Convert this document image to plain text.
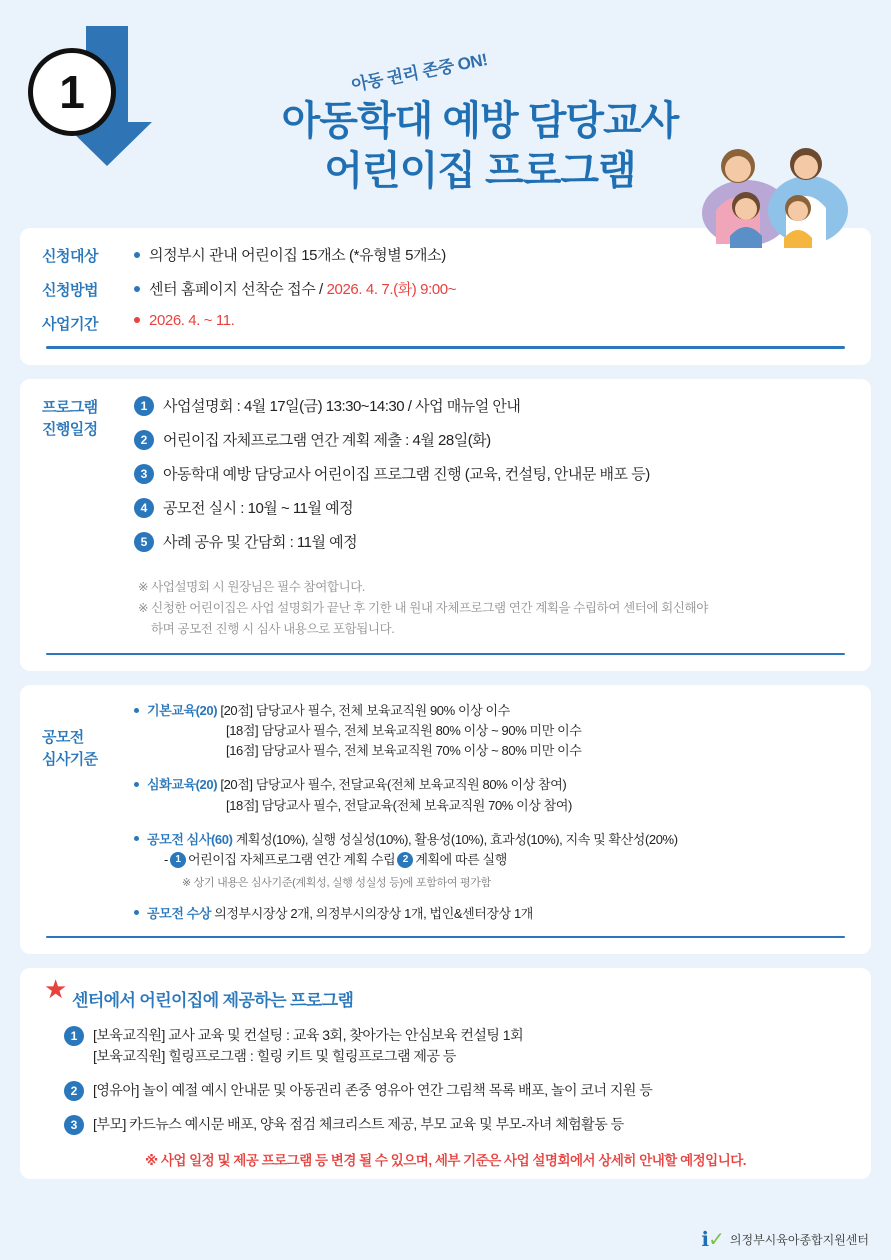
1	아동 권리 존중 ON!
아동학대 예방 담당교사
어린이집 프로그램
신청대상	의정부시 관내 어린이집 15개소 (*유형별 5개소)
신청방법	센터 홈페이지 선착순 접수 / 2026. 4. 7.(화) 9:00~
사업기간	2026. 4. ~ 11.
프로그램
진행일정
1	사업설명회 : 4월 17일(금) 13:30~14:30 / 사업 매뉴얼 안내
2	어린이집 자체프로그램 연간 계획 제출 : 4월 28일(화)
3	아동학대 예방 담당교사 어린이집 프로그램 진행 (교육, 컨설팅, 안내문 배포 등)
4	공모전 실시 : 10월 ~ 11월 예정
5	사례 공유 및 간담회 : 11월 예정
※ 사업설명회 시 원장님은 필수 참여합니다.
※ 신청한 어린이집은 사업 설명회가 끝난 후 기한 내 원내 자체프로그램 연간 계획을 수립하여 센터에 회신해야
하며 공모전 진행 시 심사 내용으로 포함됩니다.
공모전
심사기준
기본교육(20) [20점] 담당교사 필수, 전체 보육교직원 90% 이상 이수
[18점] 담당교사 필수, 전체 보육교직원 80% 이상 ~ 90% 미만 이수
[16점] 담당교사 필수, 전체 보육교직원 70% 이상 ~ 80% 미만 이수
심화교육(20) [20점] 담당교사 필수, 전달교육(전체 보육교직원 80% 이상 참여)
[18점] 담당교사 필수, 전달교육(전체 보육교직원 70% 이상 참여)
공모전 심사(60) 계획성(10%), 실행 성실성(10%), 활용성(10%), 효과성(10%), 지속 및 확산성(20%)
- 1 어린이집 자체프로그램 연간 계획 수립 2 계획에 따른 실행
※ 상기 내용은 심사기준(계획성, 실행 성실성 등)에 포함하여 평가함
공모전 수상 의정부시장상 2개, 의정부시의장상 1개, 법인&센터장상 1개
★ 센터에서 어린이집에 제공하는 프로그램
1	[보육교직원] 교사 교육 및 컨설팅 : 교육 3회, 찾아가는 안심보육 컨설팅 1회
[보육교직원] 힐링프로그램 : 힐링 키트 및 힐링프로그램 제공 등
2	[영유아] 놀이 예절 예시 안내문 및 아동권리 존중 영유아 연간 그림책 목록 배포, 놀이 코너 지원 등
3	[부모] 카드뉴스 예시문 배포, 양육 점검 체크리스트 제공, 부모 교육 및 부모-자녀 체험활동 등
※ 사업 일정 및 제공 프로그램 등 변경 될 수 있으며, 세부 기준은 사업 설명회에서 상세히 안내할 예정입니다.
ℹ✓ 의정부시육아종합지원센터
